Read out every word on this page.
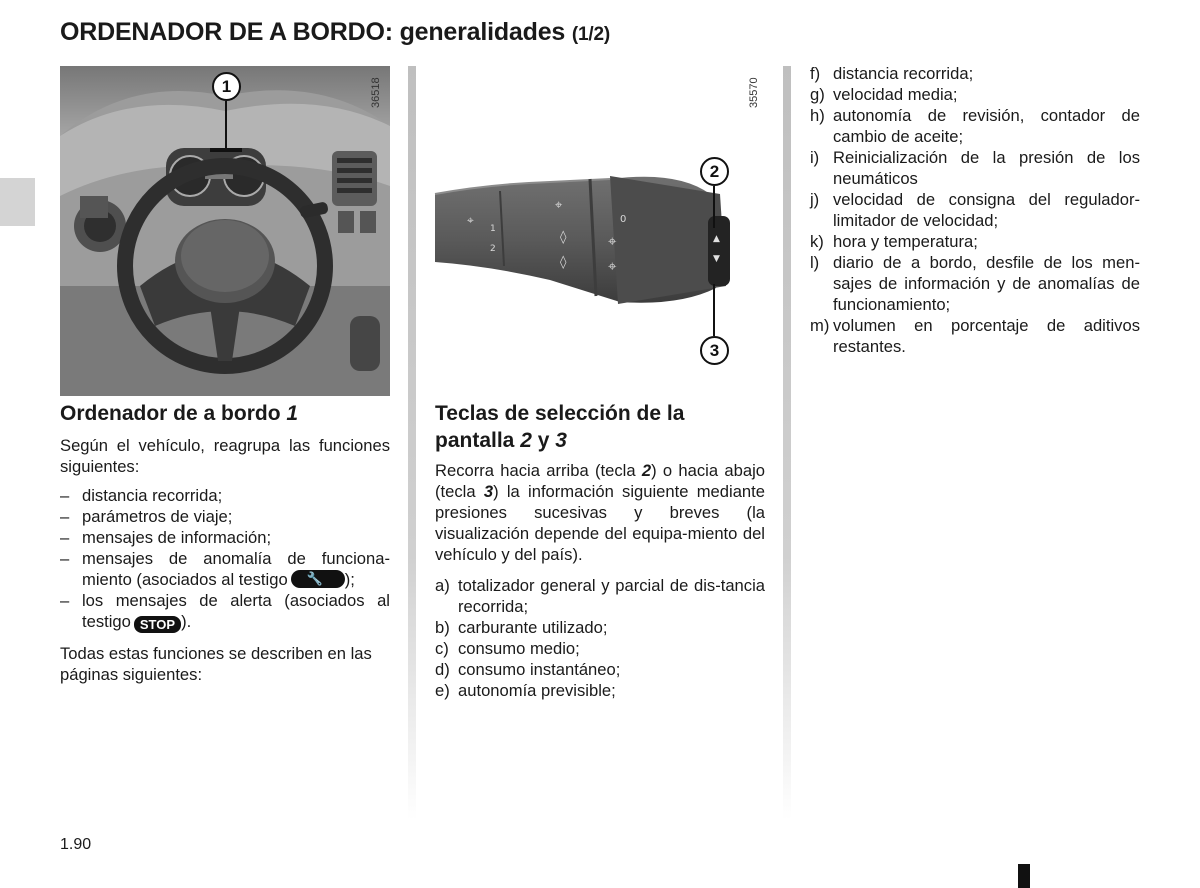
ORDENADOR DE A BORDO: generalidades (1/2)
1	36518
⌖
1
2
⌖
◊
◊
0
⌖
⌖
▲
▼
2
3
35570
Ordenador de a bordo 1

Según el vehículo, reagrupa las funciones siguientes:

– distancia recorrida;
– parámetros de viaje;
– mensajes de información;
– mensajes de anomalía de funciona-
miento (asociados al testigo 🔧 );
– los mensajes de alerta (asociados al
testigo STOP ).

Todas estas funciones se describen en las páginas siguientes:

Teclas de selección de la
pantalla 2 y 3

Recorra hacia arriba (tecla 2) o hacia abajo (tecla 3) la información siguiente mediante presiones sucesivas y breves (la visualización depende del equipa-miento del vehículo y del país).

a) totalizador general y parcial de dis-tancia recorrida;
b) carburante utilizado;
c) consumo medio;
d) consumo instantáneo;
e) autonomía previsible;
f) distancia recorrida;
g) velocidad media;
h) autonomía de revisión, contador de cambio de aceite;
i) Reinicialización de la presión de los neumáticos
j) velocidad de consigna del regulador-limitador de velocidad;
k) hora y temperatura;
l) diario de a bordo, desfile de los men-sajes de información y de anomalías de funcionamiento;
m) volumen en porcentaje de aditivos restantes.
1.90
